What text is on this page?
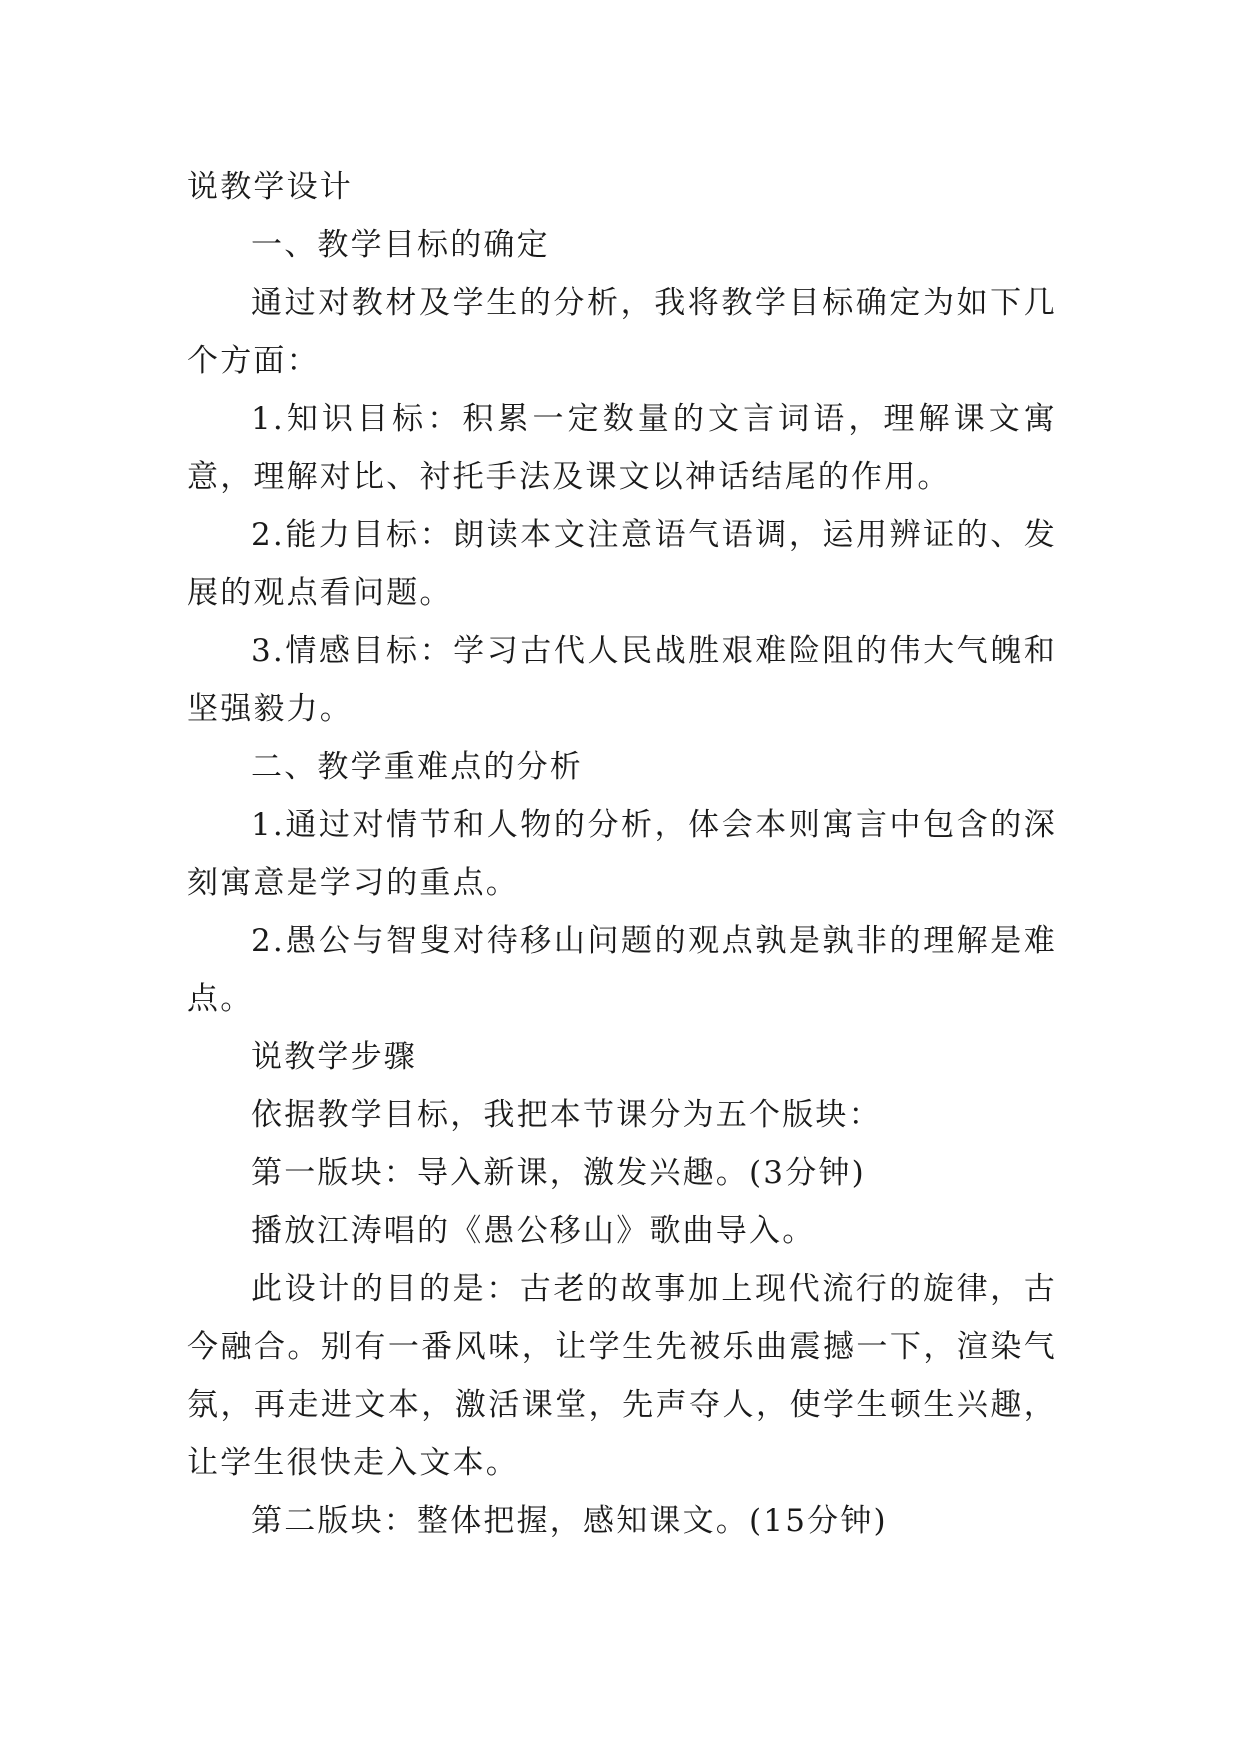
说教学设计

一、教学目标的确定

通过对教材及学生的分析，我将教学目标确定为如下几个方面：

1.知识目标：积累一定数量的文言词语，理解课文寓意，理解对比、衬托手法及课文以神话结尾的作用。

2.能力目标：朗读本文注意语气语调，运用辨证的、发展的观点看问题。

3.情感目标：学习古代人民战胜艰难险阻的伟大气魄和坚强毅力。

二、教学重难点的分析

1.通过对情节和人物的分析，体会本则寓言中包含的深刻寓意是学习的重点。

2.愚公与智叟对待移山问题的观点孰是孰非的理解是难点。

说教学步骤

依据教学目标，我把本节课分为五个版块：

第一版块：导入新课，激发兴趣。(3分钟)

播放江涛唱的《愚公移山》歌曲导入。

此设计的目的是：古老的故事加上现代流行的旋律，古今融合。别有一番风味，让学生先被乐曲震撼一下，渲染气氛，再走进文本，激活课堂，先声夺人，使学生顿生兴趣，让学生很快走入文本。

第二版块：整体把握，感知课文。(15分钟)
